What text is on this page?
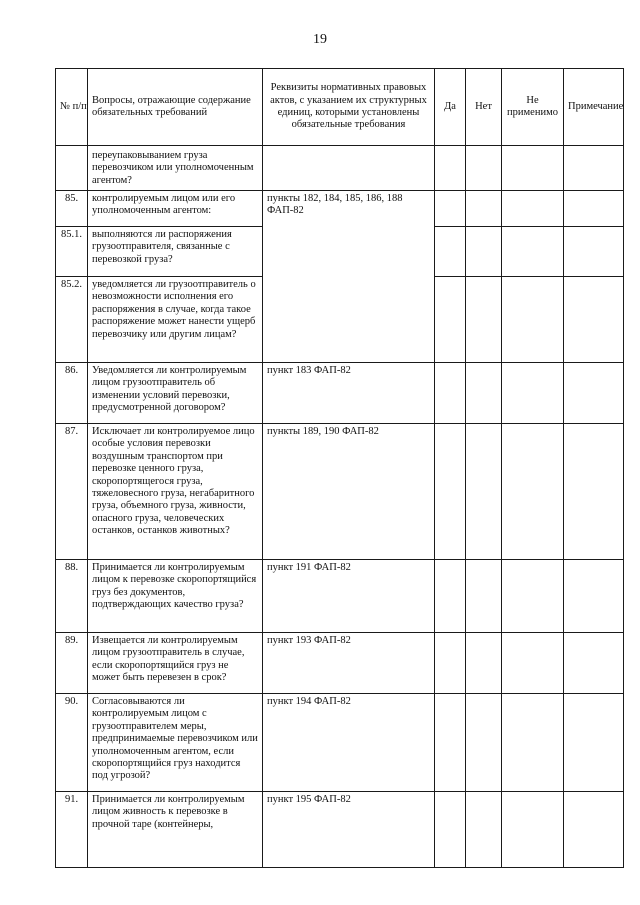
19
№ п/п	Вопросы, отражающие содержание обязательных требований	Реквизиты нормативных правовых актов, с указанием их структурных единиц, которыми установлены обязательные требования	Да	Нет	Не применимо	Примечание
	переупаковыванием груза перевозчиком или уполномоченным агентом?					
85.	контролируемым лицом или его уполномоченным агентом:	пункты 182, 184, 185, 186, 188 ФАП-82				
85.1.	выполняются ли распоряжения грузоотправителя, связанные с перевозкой груза?					
85.2.	уведомляется ли грузоотправитель о невозможности исполнения его распоряжения в случае, когда такое распоряжение может нанести ущерб перевозчику или другим лицам?					
86.	Уведомляется ли контролируемым лицом грузоотправитель об изменении условий перевозки, предусмотренной договором?	пункт 183 ФАП-82				
87.	Исключает ли контролируемое лицо особые условия перевозки воздушным транспортом при перевозке ценного груза, скоропортящегося груза, тяжеловесного груза, негабаритного груза, объемного груза, живности, опасного груза, человеческих останков, останков животных?	пункты 189, 190 ФАП-82				
88.	Принимается ли контролируемым лицом к перевозке скоропортящийся груз без документов, подтверждающих качество груза?	пункт 191 ФАП-82				
89.	Извещается ли контролируемым лицом грузоотправитель в случае, если скоропортящийся груз не может быть перевезен в срок?	пункт 193 ФАП-82				
90.	Согласовываются ли контролируемым лицом с грузоотправителем меры, предпринимаемые перевозчиком или уполномоченным агентом, если скоропортящийся груз находится под угрозой?	пункт 194 ФАП-82				
91.	Принимается ли контролируемым лицом живность к перевозке в прочной таре (контейнеры,	пункт 195 ФАП-82				
